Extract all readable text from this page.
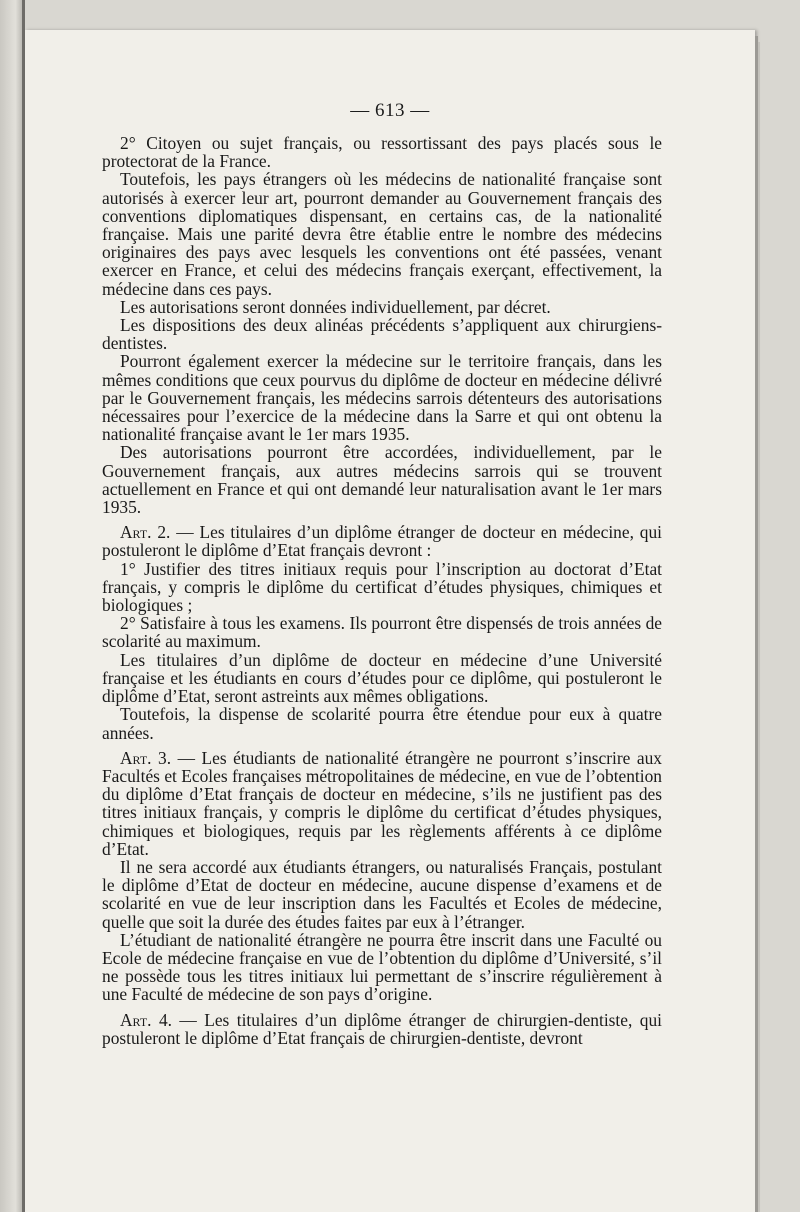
— 613 —

2° Citoyen ou sujet français, ou ressortissant des pays placés sous le protectorat de la France.

Toutefois, les pays étrangers où les médecins de nationalité française sont autorisés à exercer leur art, pourront demander au Gouvernement français des conventions diplomatiques dispensant, en certains cas, de la nationalité française. Mais une parité devra être établie entre le nombre des médecins originaires des pays avec lesquels les conventions ont été passées, venant exercer en France, et celui des médecins français exerçant, effectivement, la médecine dans ces pays.

Les autorisations seront données individuellement, par décret.

Les dispositions des deux alinéas précédents s’appliquent aux chirurgiens-dentistes.

Pourront également exercer la médecine sur le territoire français, dans les mêmes conditions que ceux pourvus du diplôme de docteur en médecine délivré par le Gouvernement français, les médecins sarrois détenteurs des autorisations nécessaires pour l’exercice de la médecine dans la Sarre et qui ont obtenu la nationalité française avant le 1er mars 1935.

Des autorisations pourront être accordées, individuellement, par le Gouvernement français, aux autres médecins sarrois qui se trouvent actuellement en France et qui ont demandé leur naturalisation avant le 1er mars 1935.

Art. 2. — Les titulaires d’un diplôme étranger de docteur en médecine, qui postuleront le diplôme d’Etat français devront :

1° Justifier des titres initiaux requis pour l’inscription au doctorat d’Etat français, y compris le diplôme du certificat d’études physiques, chimiques et biologiques ;

2° Satisfaire à tous les examens. Ils pourront être dispensés de trois années de scolarité au maximum.

Les titulaires d’un diplôme de docteur en médecine d’une Université française et les étudiants en cours d’études pour ce diplôme, qui postuleront le diplôme d’Etat, seront astreints aux mêmes obligations.

Toutefois, la dispense de scolarité pourra être étendue pour eux à quatre années.

Art. 3. — Les étudiants de nationalité étrangère ne pourront s’inscrire aux Facultés et Ecoles françaises métropolitaines de médecine, en vue de l’obtention du diplôme d’Etat français de docteur en médecine, s’ils ne justifient pas des titres initiaux français, y compris le diplôme du certificat d’études physiques, chimiques et biologiques, requis par les règlements afférents à ce diplôme d’Etat.

Il ne sera accordé aux étudiants étrangers, ou naturalisés Français, postulant le diplôme d’Etat de docteur en médecine, aucune dispense d’examens et de scolarité en vue de leur inscription dans les Facultés et Ecoles de médecine, quelle que soit la durée des études faites par eux à l’étranger.

L’étudiant de nationalité étrangère ne pourra être inscrit dans une Faculté ou Ecole de médecine française en vue de l’obtention du diplôme d’Université, s’il ne possède tous les titres initiaux lui permettant de s’inscrire régulièrement à une Faculté de médecine de son pays d’origine.

Art. 4. — Les titulaires d’un diplôme étranger de chirurgien-dentiste, qui postuleront le diplôme d’Etat français de chirurgien-dentiste, devront
